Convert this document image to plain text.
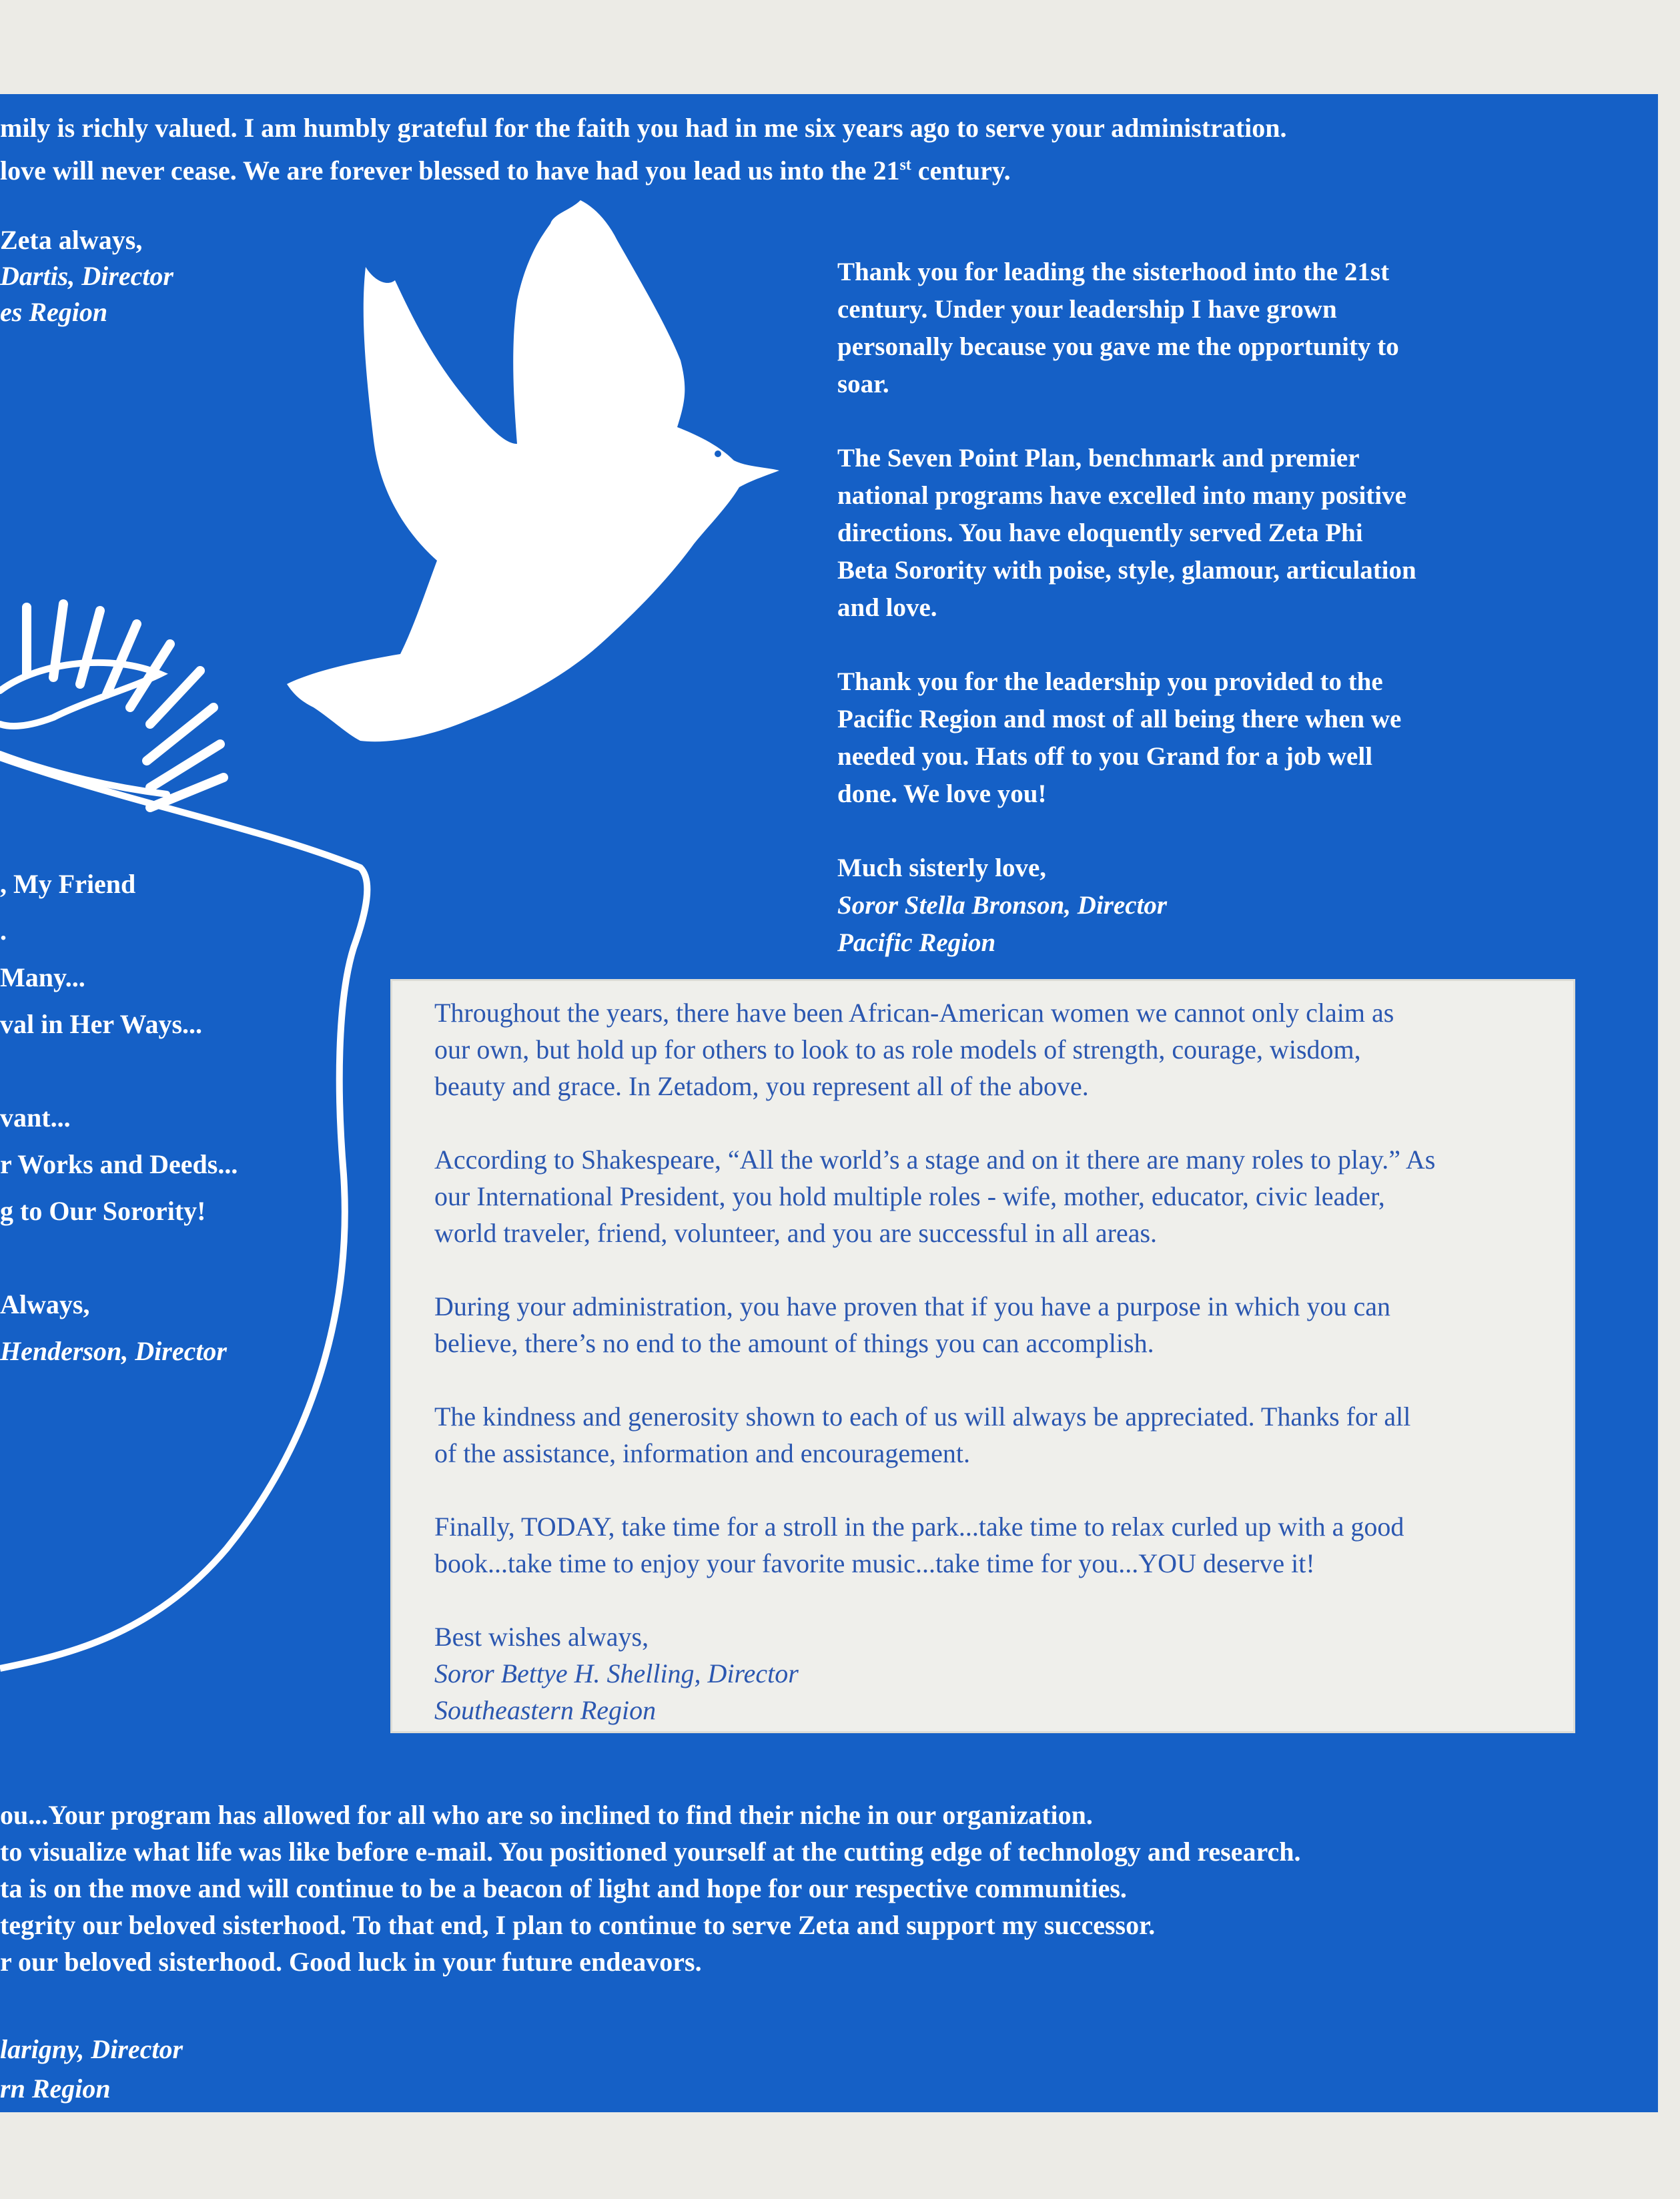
mily is richly valued. I am humbly grateful for the faith you had in me six years ago to serve your administration.

love will never cease. We are forever blessed to have had you lead us into the 21st century.

Zeta always,

Dartis, Director

es Region

Thank you for leading the sisterhood into the 21st

century. Under your leadership I have grown

personally because you gave me the opportunity to

soar.

The Seven Point Plan, benchmark and premier

national programs have excelled into many positive

directions. You have eloquently served Zeta Phi

Beta Sorority with poise, style, glamour, articulation

and love.

Thank you for the leadership you provided to the

Pacific Region and most of all being there when we

needed you. Hats off to you Grand for a job well

done. We love you!

Much sisterly love,

Soror Stella Bronson, Director

Pacific Region

, My Friend

.

Many...

val in Her Ways...

vant...

r Works and Deeds...

g to Our Sorority!

Always,

Henderson, Director

Throughout the years, there have been African-American women we cannot only claim as

our own, but hold up for others to look to as role models of strength, courage, wisdom,

beauty and grace. In Zetadom, you represent all of the above.

According to Shakespeare, “All the world’s a stage and on it there are many roles to play.” As

our International President, you hold multiple roles - wife, mother, educator, civic leader,

world traveler, friend, volunteer, and you are successful in all areas.

During your administration, you have proven that if you have a purpose in which you can

believe, there’s no end to the amount of things you can accomplish.

The kindness and generosity shown to each of us will always be appreciated. Thanks for all

of the assistance, information and encouragement.

Finally, TODAY, take time for a stroll in the park...take time to relax curled up with a good

book...take time to enjoy your favorite music...take time for you...YOU deserve it!

Best wishes always,

Soror Bettye H. Shelling, Director

Southeastern Region

ou...Your program has allowed for all who are so inclined to find their niche in our organization.

to visualize what life was like before e-mail. You positioned yourself at the cutting edge of technology and research.

ta is on the move and will continue to be a beacon of light and hope for our respective communities.

tegrity our beloved sisterhood. To that end, I plan to continue to serve Zeta and support my successor.

r our beloved sisterhood. Good luck in your future endeavors.

larigny, Director

rn Region
